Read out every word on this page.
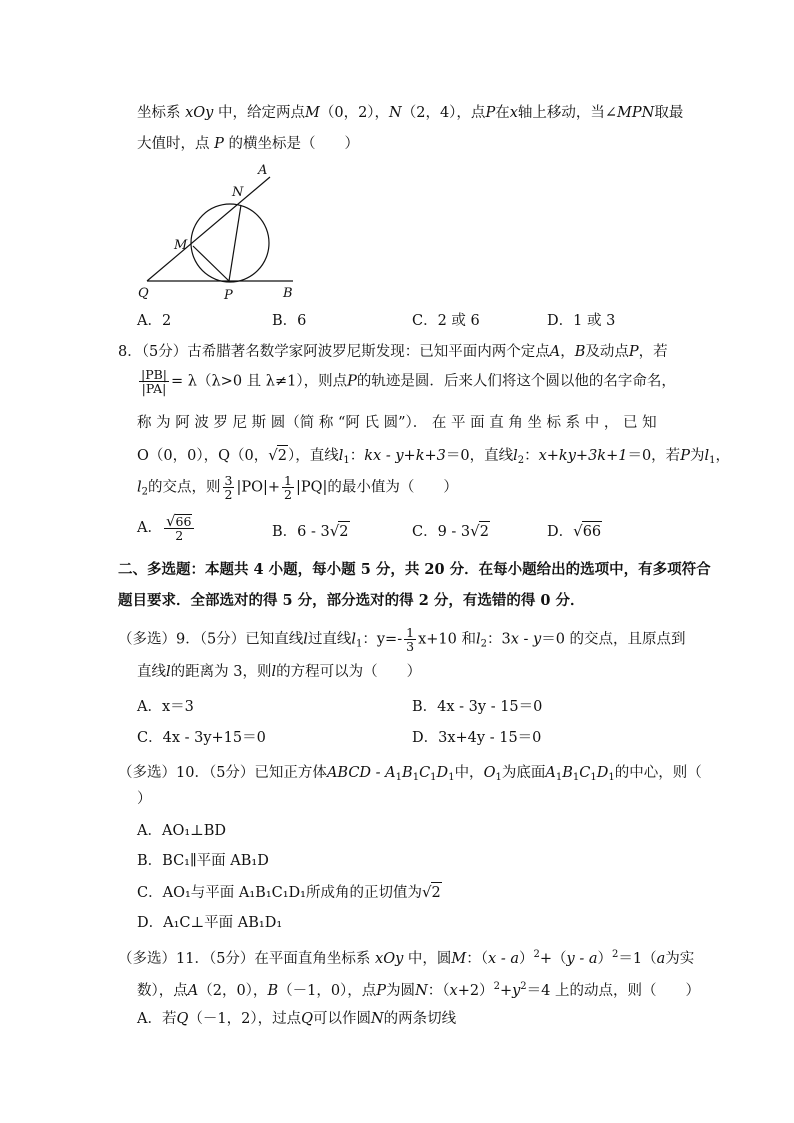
坐标系 xOy 中，给定两点M（0，2），N（2，4），点P在x轴上移动，当∠MPN取最
大值时，点 P 的横坐标是（　　）
A
N
M
Q	P	B
A．2	B．6	C．2 或 6	D．1 或 3
8．（5分）古希腊著名数学家阿波罗尼斯发现：已知平面内两个定点A，B及动点P，若
$\frac{|PB|}{|PA|} = \lambda(\lambda>0$ 且 λ≠1），则点P的轨迹是圆．后来人们将这个圆以他的名字命名，
称 为 阿 波 罗 尼 斯 圆（简 称 “阿 氏 圆”）． 在 平 面 直 角 坐 标 系 中 ， 已 知
O（0，0），Q（0，√2），直线$l_1$：kx - y+k+3＝0，直线$l_2$：x+ky+3k+1＝0，若P为$l_1$，
$l_2$的交点，则 $\frac{3}{2} |PO|+ \frac{1}{2} |PQ|$的最小值为（　　）
A． $\frac{√66}{2}$	B．6 - 3√2	C．9 - 3√2	D．√66
二、多选题：本题共 4 小题，每小题 5 分，共 20 分．在每小题给出的选项中，有多项符合
题目要求．全部选对的得 5 分，部分选对的得 2 分，有选错的得 0 分．
（多选）9．（5分）已知直线l过直线$l_1$：$y=- \frac{1}{3} x+10$ 和$l_2$：3x - y＝0 的交点，且原点到
直线l的距离为 3，则l的方程可以为（　　）
A．x＝3	B．4x - 3y - 15＝0
C．4x - 3y+15＝0	D．3x+4y - 15＝0
（多选）10．（5分）已知正方体ABCD - $A_1B_1C_1D_1$中，$O_1$为底面$A_1B_1C_1D_1$的中心，则（
）
A．AO₁⊥BD
B．BC₁∥平面 AB₁D
C．AO₁与平面 A₁B₁C₁D₁所成角的正切值为√2
D．A₁C⊥平面 AB₁D₁
（多选）11．（5分）在平面直角坐标系 xOy 中，圆M：（x - a）$^2$+（y - a）$^2$＝1（a为实
数），点A（2，0），B（－1，0），点P为圆N：$(x+2)^2+y^2=4$ 上的动点，则（　　）
A．若Q（－1，2），过点Q可以作圆N的两条切线
